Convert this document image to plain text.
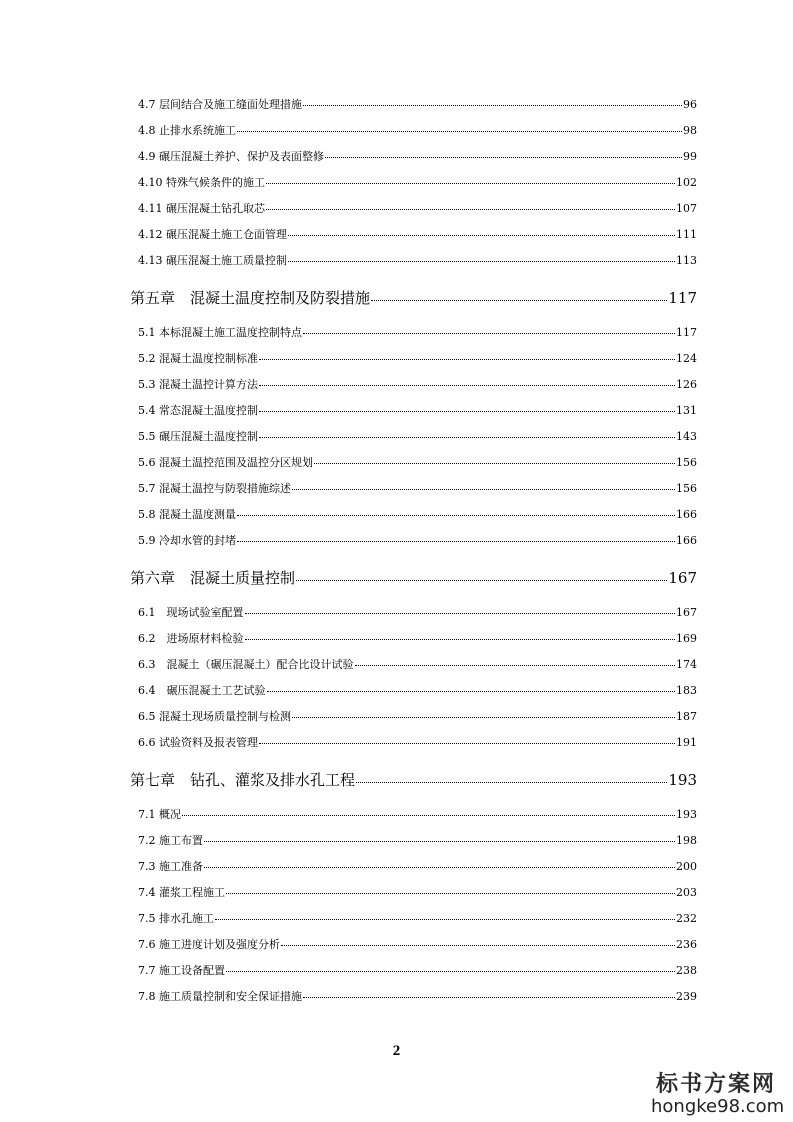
4.7 层间结合及施工缝面处理措施	96
4.8 止排水系统施工	98
4.9 碾压混凝土养护、保护及表面整修	99
4.10 特殊气候条件的施工	102
4.11 碾压混凝土钻孔取芯	107
4.12 碾压混凝土施工仓面管理	111
4.13 碾压混凝土施工质量控制	113
第五章　混凝土温度控制及防裂措施	117
5.1 本标混凝土施工温度控制特点	117
5.2 混凝土温度控制标准	124
5.3 混凝土温控计算方法	126
5.4 常态混凝土温度控制	131
5.5 碾压混凝土温度控制	143
5.6 混凝土温控范围及温控分区规划	156
5.7 混凝土温控与防裂措施综述	156
5.8 混凝土温度测量	166
5.9 冷却水管的封堵	166
第六章　混凝土质量控制	167
6.1　现场试验室配置	167
6.2　进场原材料检验	169
6.3　混凝土（碾压混凝土）配合比设计试验	174
6.4　碾压混凝土工艺试验	183
6.5 混凝土现场质量控制与检测	187
6.6 试验资料及报表管理	191
第七章　钻孔、灌浆及排水孔工程	193
7.1 概况	193
7.2 施工布置	198
7.3 施工准备	200
7.4 灌浆工程施工	203
7.5 排水孔施工	232
7.6 施工进度计划及强度分析	236
7.7 施工设备配置	238
7.8 施工质量控制和安全保证措施	239
2
标书方案网
hongke98.com
